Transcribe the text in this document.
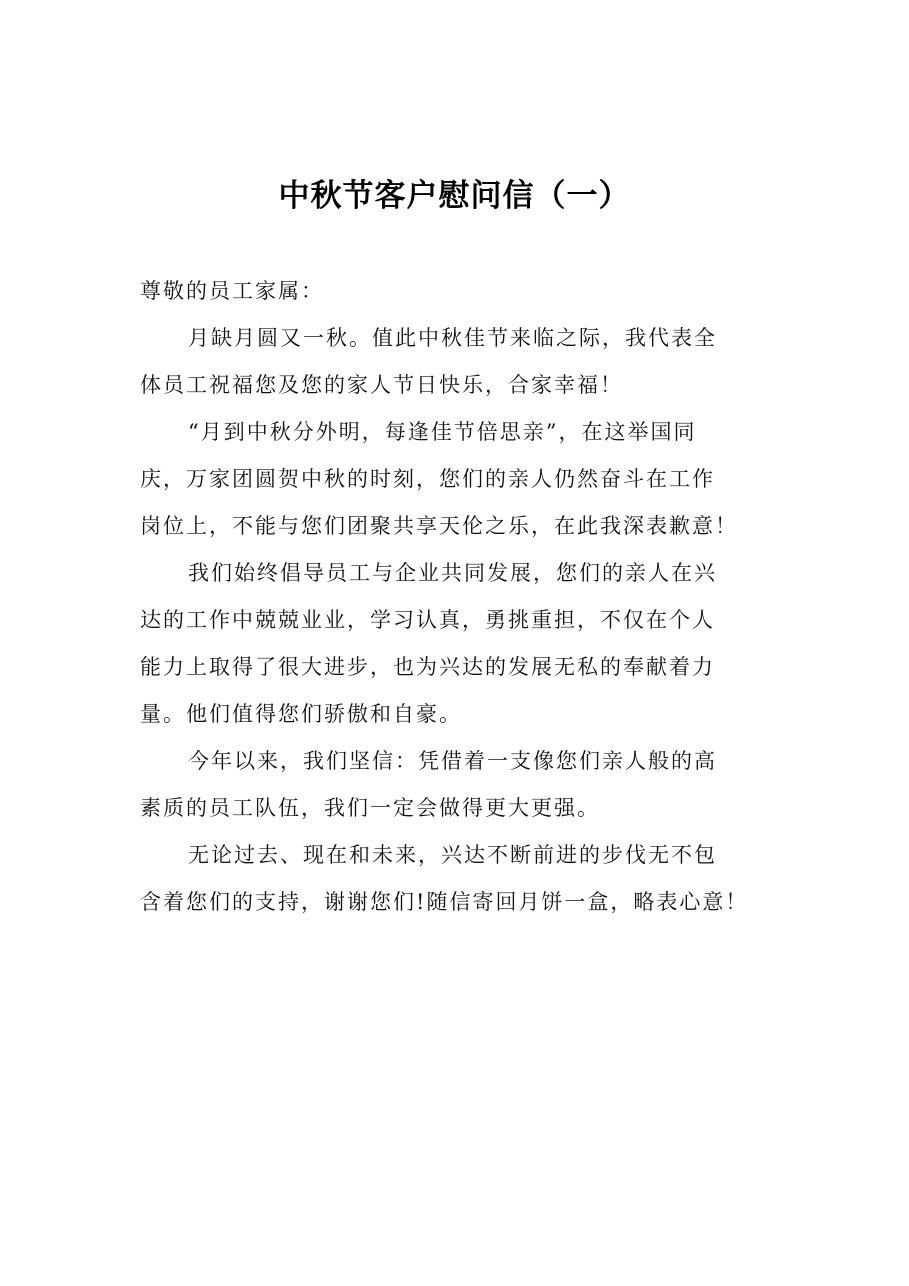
中秋节客户慰问信（一）
尊敬的员工家属：
月缺月圆又一秋。值此中秋佳节来临之际，我代表全
体员工祝福您及您的家人节日快乐，合家幸福！
“月到中秋分外明，每逢佳节倍思亲”，在这举国同
庆，万家团圆贺中秋的时刻，您们的亲人仍然奋斗在工作
岗位上，不能与您们团聚共享天伦之乐，在此我深表歉意！
我们始终倡导员工与企业共同发展，您们的亲人在兴
达的工作中兢兢业业，学习认真，勇挑重担，不仅在个人
能力上取得了很大进步，也为兴达的发展无私的奉献着力
量。他们值得您们骄傲和自豪。
今年以来，我们坚信：凭借着一支像您们亲人般的高
素质的员工队伍，我们一定会做得更大更强。
无论过去、现在和未来，兴达不断前进的步伐无不包
含着您们的支持，谢谢您们!随信寄回月饼一盒，略表心意！
